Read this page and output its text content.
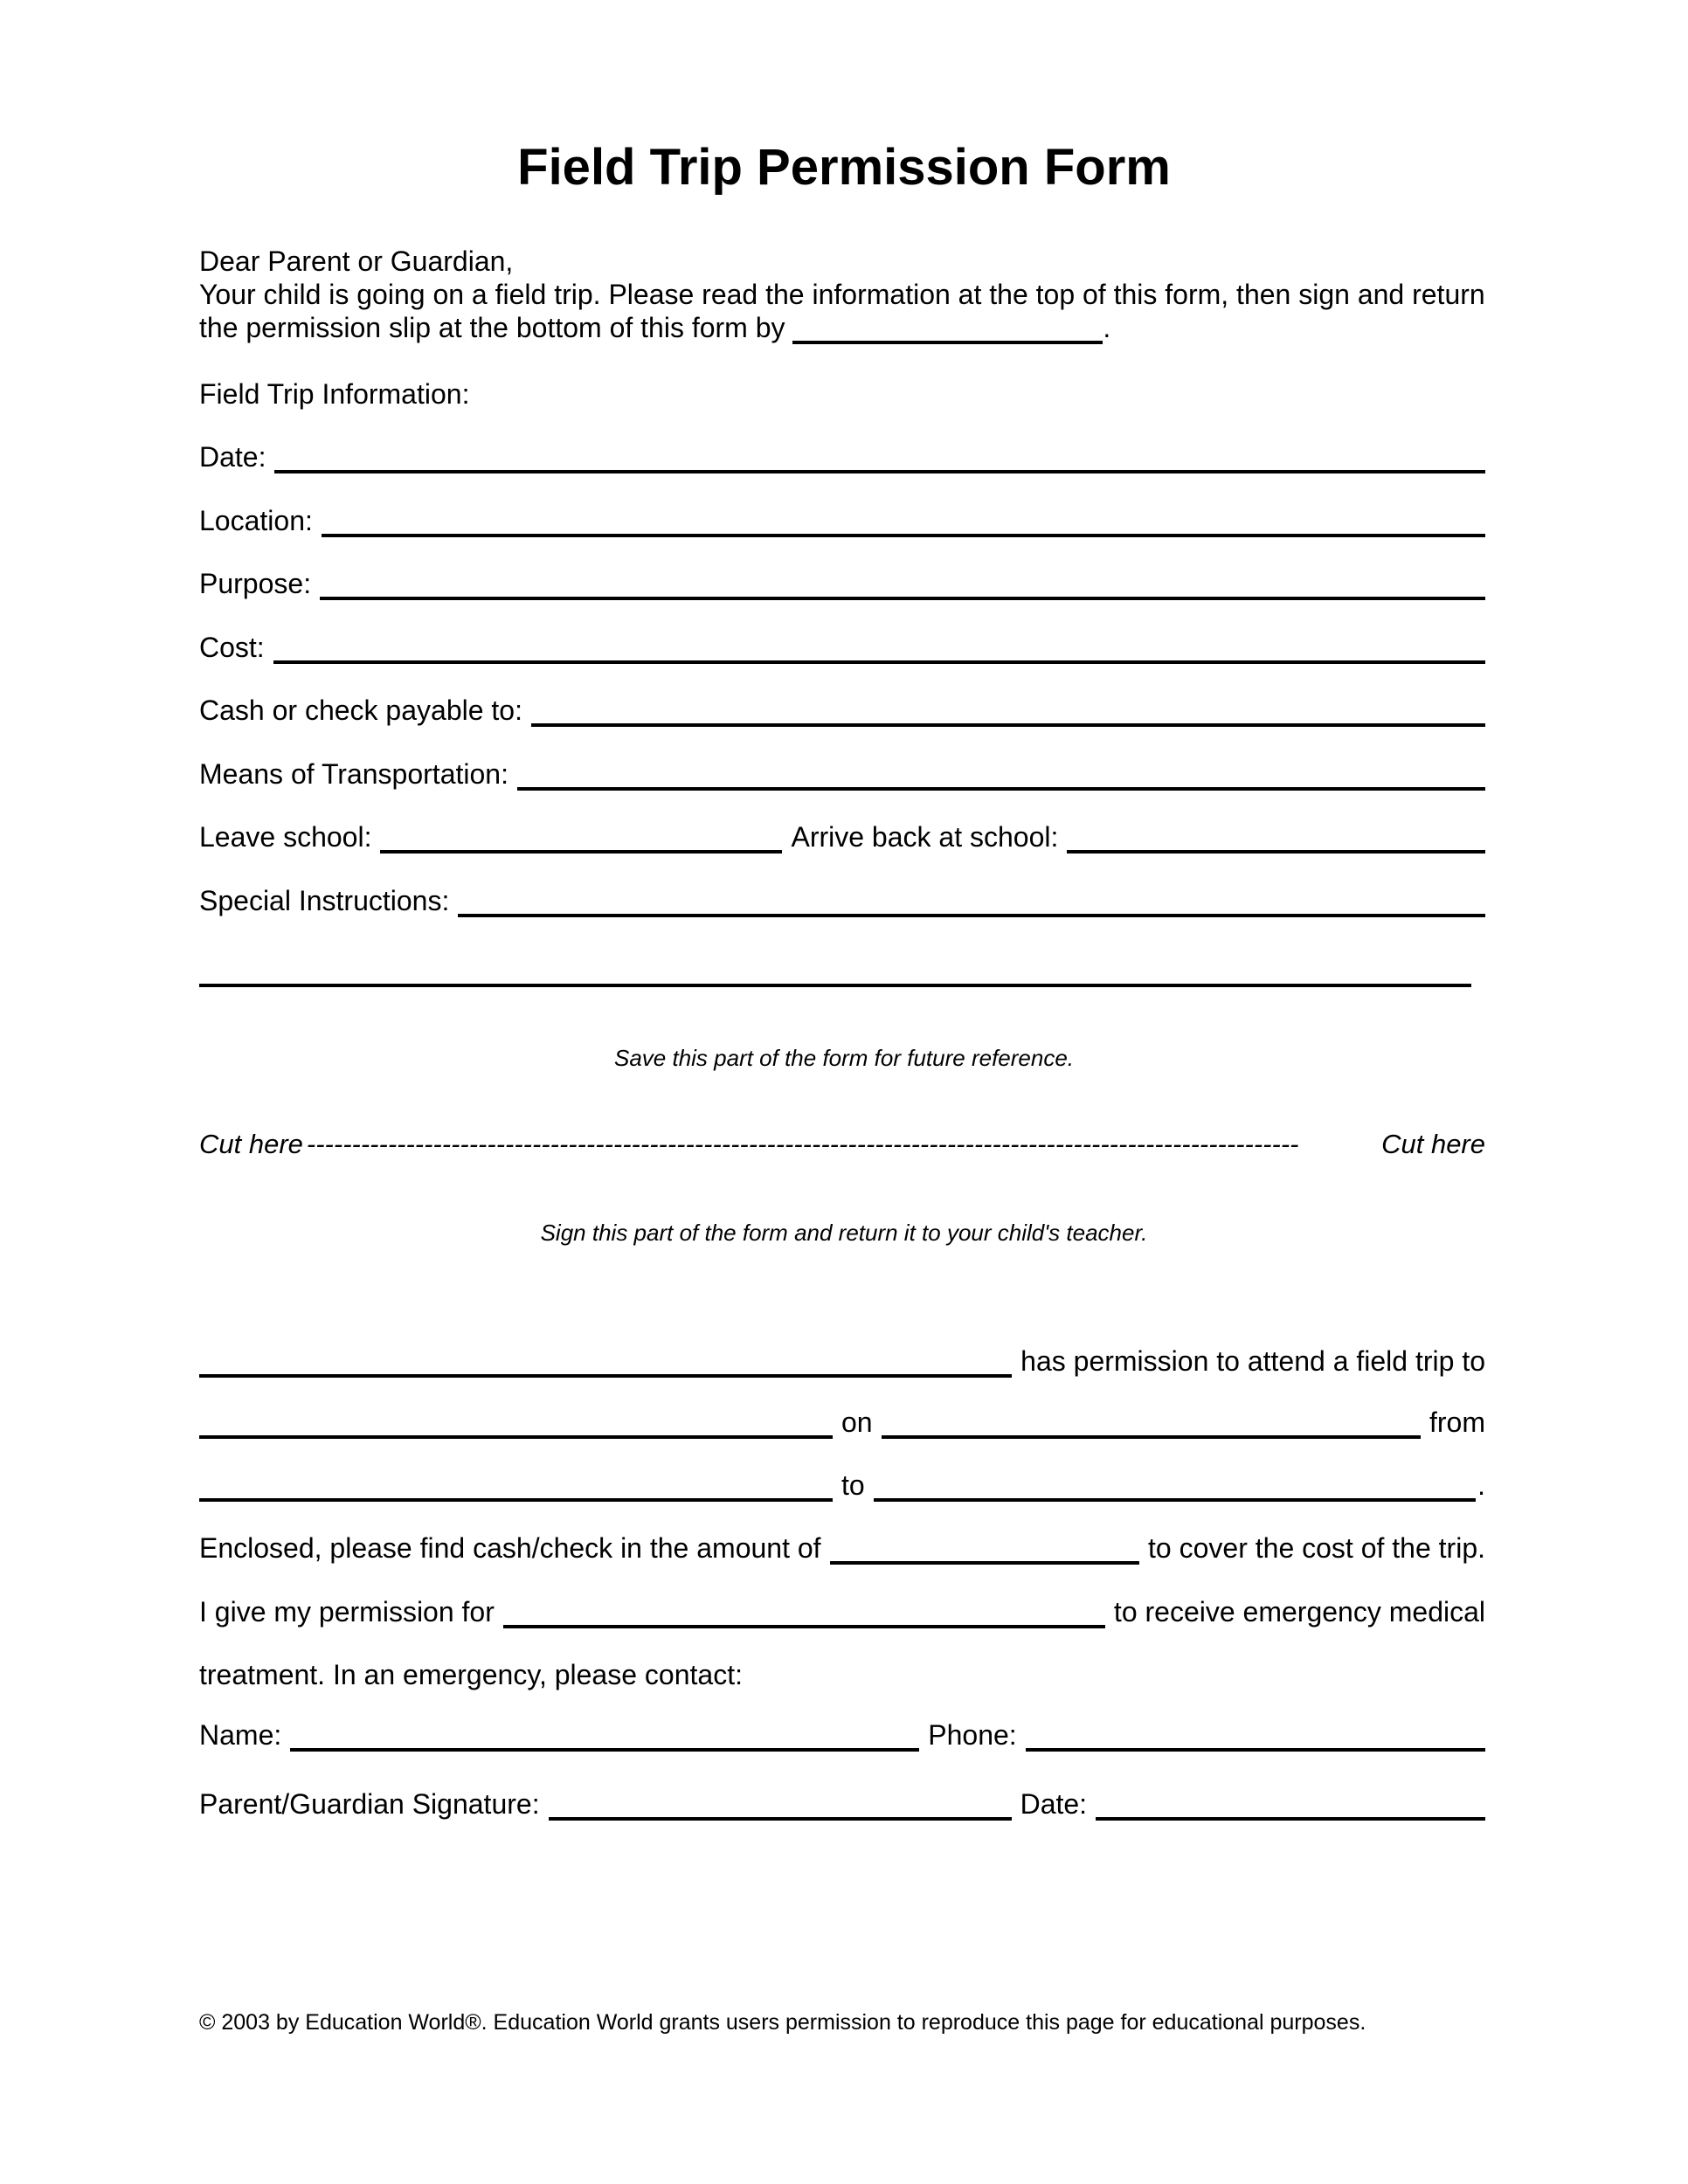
Field Trip Permission Form
Dear Parent or Guardian,
Your child is going on a field trip. Please read the information at the top of this form, then sign and return
the permission slip at the bottom of this form by	.
Field Trip Information:
Date:
Location:
Purpose:
Cost:
Cash or check payable to:
Means of Transportation:
Leave school:	Arrive back at school:
Special Instructions:
Save this part of the form for future reference.
Cut here --------------------------------------------------------------------------------------------------------------	Cut here
Sign this part of the form and return it to your child's teacher.
has permission to attend a field trip to
on	from
to	.
Enclosed, please find cash/check in the amount of	to cover the cost of the trip.
I give my permission for	to receive emergency medical
treatment. In an emergency, please contact:
Name:	Phone:
Parent/Guardian Signature:	Date:
© 2003 by Education World®. Education World grants users permission to reproduce this page for educational purposes.
